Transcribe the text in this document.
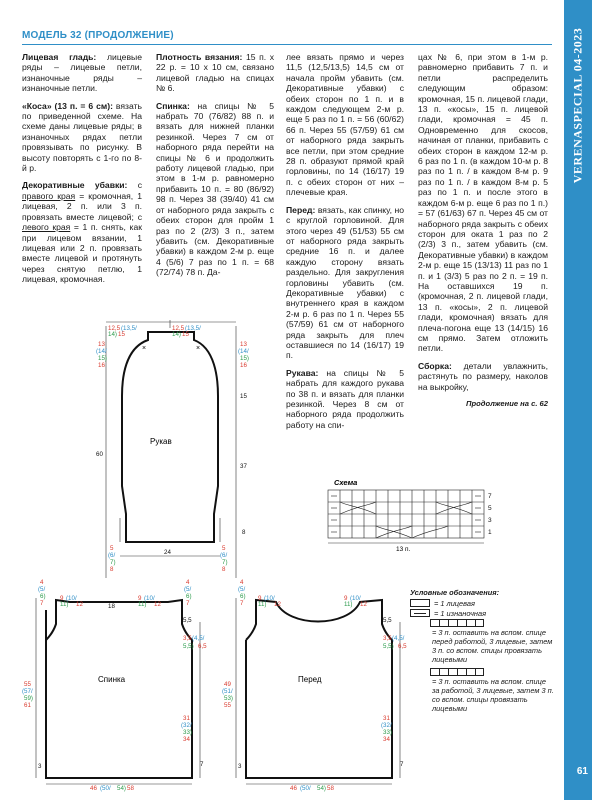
VERENASPECIAL 04-2023
61
МОДЕЛЬ 32 (ПРОДОЛЖЕНИЕ)

Лицевая гладь: лицевые ряды – лицевые петли, изнаночные ряды – изнаночные петли.

«Коса» (13 п. = 6 см): вязать по приведенной схеме. На схеме даны лицевые ряды; в изнаночных рядах петли провязывать по рисунку. В высоту повторять с 1-го по 8-й р.

Декоративные убавки: с правого края = кромочная, 1 лицевая, 2 п. или 3 п. провязать вместе лицевой; с левого края = 1 п. снять, как при лицевом вязании, 1 лицевая или 2 п. провязать вместе лицевой и протянуть через снятую петлю, 1 лицевая, кромочная.

Плотность вязания: 15 п. x 22 р. = 10 x 10 см, связано лицевой гладью на спицах № 6.

Спинка: на спицы № 5 набрать 70 (76/82) 88 п. и вязать для нижней планки резинкой. Через 7 см от наборного ряда перейти на спицы № 6 и продолжить работу лицевой гладью, при этом в 1-м р. равномерно прибавить 10 п. = 80 (86/92) 98 п. Через 38 (39/40) 41 см от наборного ряда закрыть с обеих сторон для пройм 1 раз по 2 (2/3) 3 п., затем убавить (см. Декоративные убавки) в каждом 2-м р. еще 4 (5/6) 7 раз по 1 п. = 68 (72/74) 78 п. Да-

лее вязать прямо и через 11,5 (12,5/13,5) 14,5 см от начала пройм убавить (см. Декоративные убавки) с обеих сторон по 1 п. и в каждом следующем 2-м р. еще 5 раз по 1 п. = 56 (60/62) 66 п. Через 55 (57/59) 61 см от наборного ряда закрыть все петли, при этом средние 28 п. образуют прямой край горловины, по 14 (16/17) 19 п. с обеих сторон от них – плечевые края.

Перед: вязать, как спинку, но с круглой горловиной. Для этого через 49 (51/53) 55 см от наборного ряда закрыть средние 16 п. и далее каждую сторону вязать раздельно. Для закругления горловины убавить (см. Декоративные убавки) с внутреннего края в каждом 2-м р. 6 раз по 1 п. Через 55 (57/59) 61 см от наборного ряда закрыть для плеч оставшиеся по 14 (16/17) 19 п.

Рукава: на спицы № 5 набрать для каждого рукава по 38 п. и вязать для планки резинкой. Через 8 см от наборного ряда продолжить работу на спи-

цах № 6, при этом в 1-м р. равномерно прибавить 7 п. и петли распределить следующим образом: кромочная, 15 п. лицевой глади, 13 п. «косы», 15 п. лицевой глади, кромочная = 45 п. Одновременно для скосов, начиная от планки, прибавить с обеих сторон в каждом 12-м р. 6 раз по 1 п. (в каждом 10-м р. 8 раз по 1 п. / в каждом 8-м р. 9 раз по 1 п. / в каждом 8-м р. 5 раз по 1 п. и после этого в каждом 6-м р. еще 6 раз по 1 п.) = 57 (61/63) 67 п. Через 45 см от наборного ряда закрыть с обеих сторон для оката 1 раз по 2 (2/3) 3 п., затем убавить (см. Декоративные убавки) в каждом 2-м р. еще 15 (13/13) 11 раз по 1 п. и 1 (3/3) 5 раз по 2 п. = 19 п. На оставшихся 19 п. (кромочная, 2 п. лицевой глади, 13 п. «косы», 2 п. лицевой глади, кромочная) вязать для плеча-погона еще 13 (14/15) 16 см прямо. Затем отложить петли.

Сборка: детали увлажнить, растянуть по размеру, наколов на выкройку,

Продолжение на с. 62

×	×
Рукав
12,5 (13,5/
14) 15
12,5 (13,5/
14) 15
13
(14/
15)
16
13
(14/
15)
16
15
60
37
8
24
5
(6/
7)
8
5
(6/
7)
8
Схема
7
5
3
1
13 п.
Спинка
4
(5/
6)
7
4
(5/
6)
7
9 (10/
11) 12	18
9 (10/
11) 12
5,5
3,5 (4,5/
5,5) 6,5
55
(57/
59)
61
31
(32/
33)
34
7
3
46 (50/ 54) 58
Перед
4
(5/
6)
7
9 (10/
11) 12
9 (10/
11) 12
5,5
3,5 (4,5/
5,5) 6,5
49
(51/
53)
55
31
(32/
33)
34
7
3
46 (50/ 54) 58
Условные обозначения:
= 1 лицевая
= 1 изнаночная
= 3 п. оставить на вспом. спице перед работой, 3 лицевые, затем 3 п. со вспом. спицы провязать лицевыми
= 3 п. оставить на вспом. спице за работой, 3 лицевые, затем 3 п. со вспом. спицы провязать лицевыми
